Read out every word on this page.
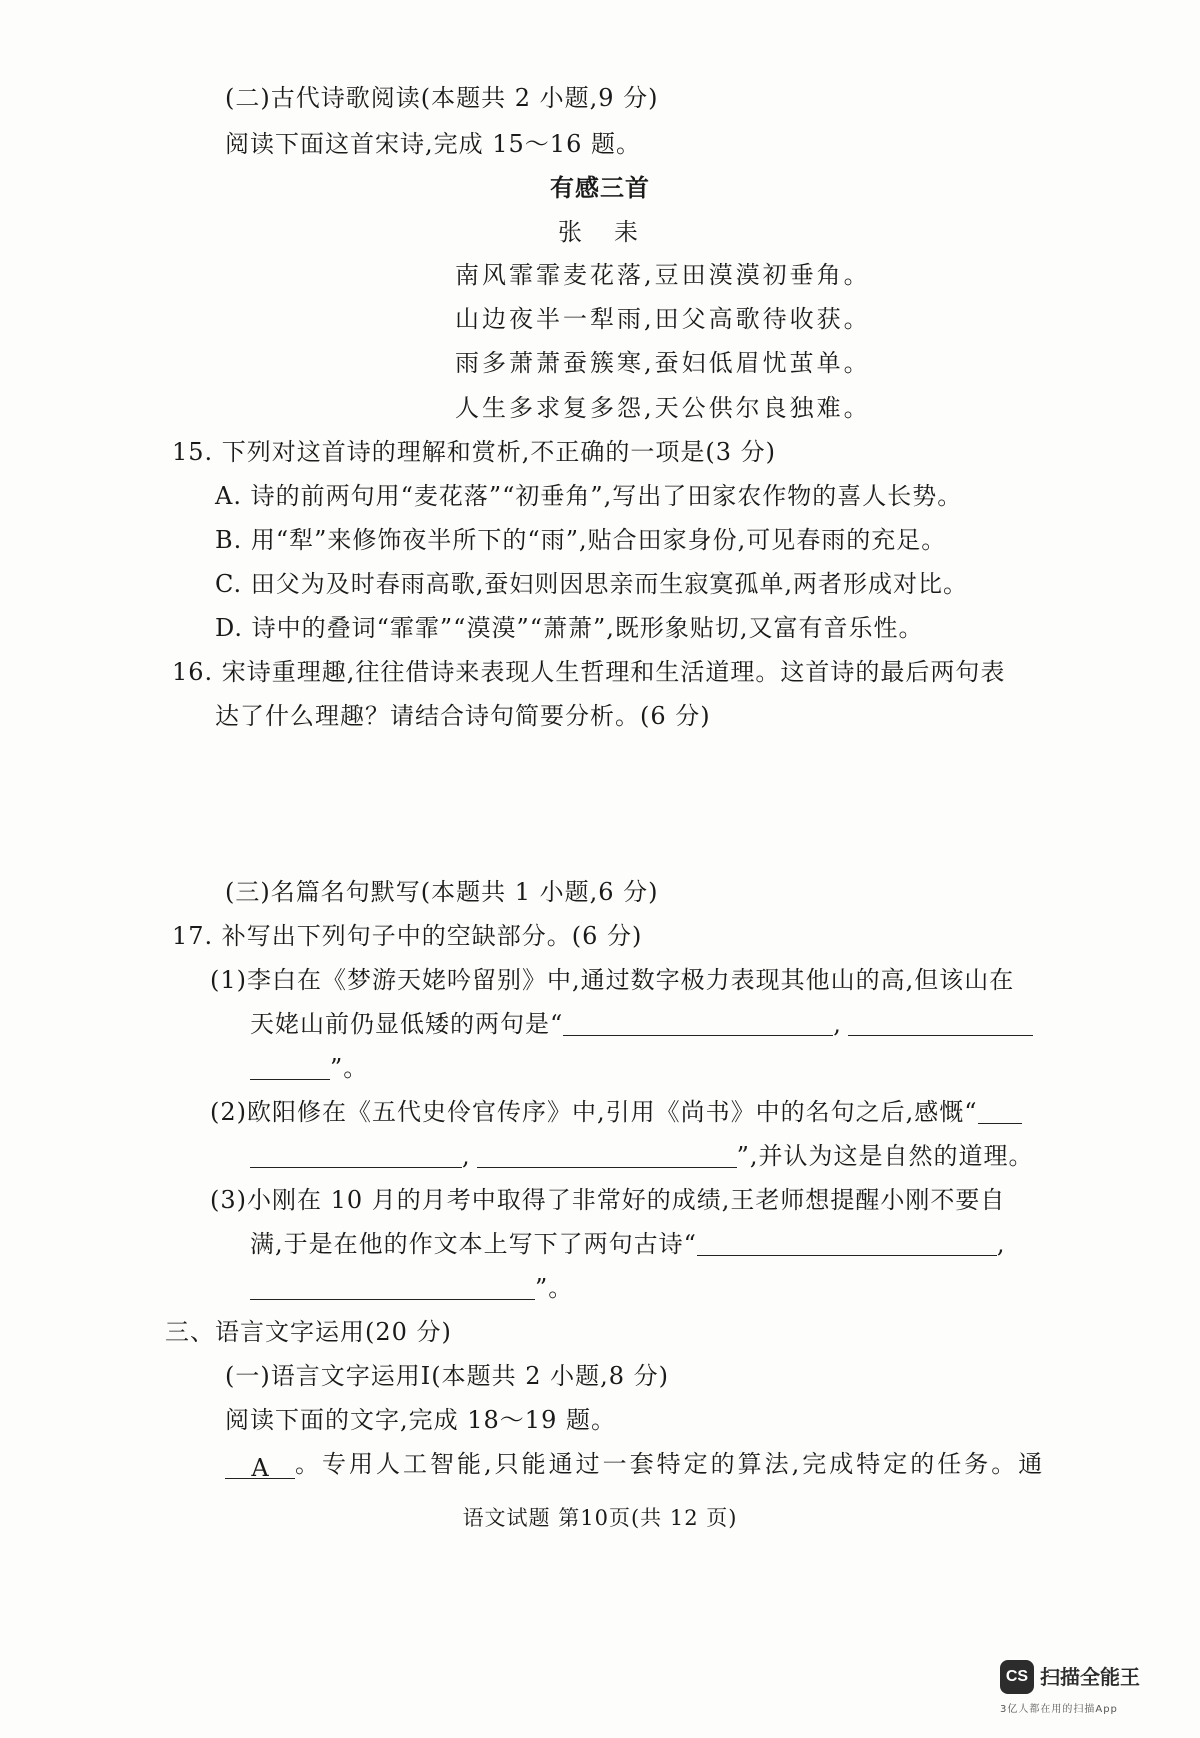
(二)古代诗歌阅读(本题共 2 小题,9 分)
阅读下面这首宋诗,完成 15～16 题。
有感三首
张　耒
南风霏霏麦花落,豆田漠漠初垂角。
山边夜半一犁雨,田父高歌待收获。
雨多萧萧蚕簇寒,蚕妇低眉忧茧单。
人生多求复多怨,天公供尔良独难。
15. 下列对这首诗的理解和赏析,不正确的一项是(3 分)
A. 诗的前两句用“麦花落”“初垂角”,写出了田家农作物的喜人长势。
B. 用“犁”来修饰夜半所下的“雨”,贴合田家身份,可见春雨的充足。
C. 田父为及时春雨高歌,蚕妇则因思亲而生寂寞孤单,两者形成对比。
D. 诗中的叠词“霏霏”“漠漠”“萧萧”,既形象贴切,又富有音乐性。
16. 宋诗重理趣,往往借诗来表现人生哲理和生活道理。这首诗的最后两句表
达了什么理趣？请结合诗句简要分析。(6 分)
(三)名篇名句默写(本题共 1 小题,6 分)
17. 补写出下列句子中的空缺部分。(6 分)
(1)李白在《梦游天姥吟留别》中,通过数字极力表现其他山的高,但该山在
天姥山前仍显低矮的两句是“	,
”。
(2)欧阳修在《五代史伶官传序》中,引用《尚书》中的名句之后,感慨“
,	”,并认为这是自然的道理。
(3)小刚在 10 月的月考中取得了非常好的成绩,王老师想提醒小刚不要自
满,于是在他的作文本上写下了两句古诗“	,
”。
三、语言文字运用(20 分)
(一)语言文字运用Ⅰ(本题共 2 小题,8 分)
阅读下面的文字,完成 18～19 题。
A 。专用人工智能,只能通过一套特定的算法,完成特定的任务。通
语文试题 第10页(共 12 页)
CS 扫描全能王
3亿人都在用的扫描App
